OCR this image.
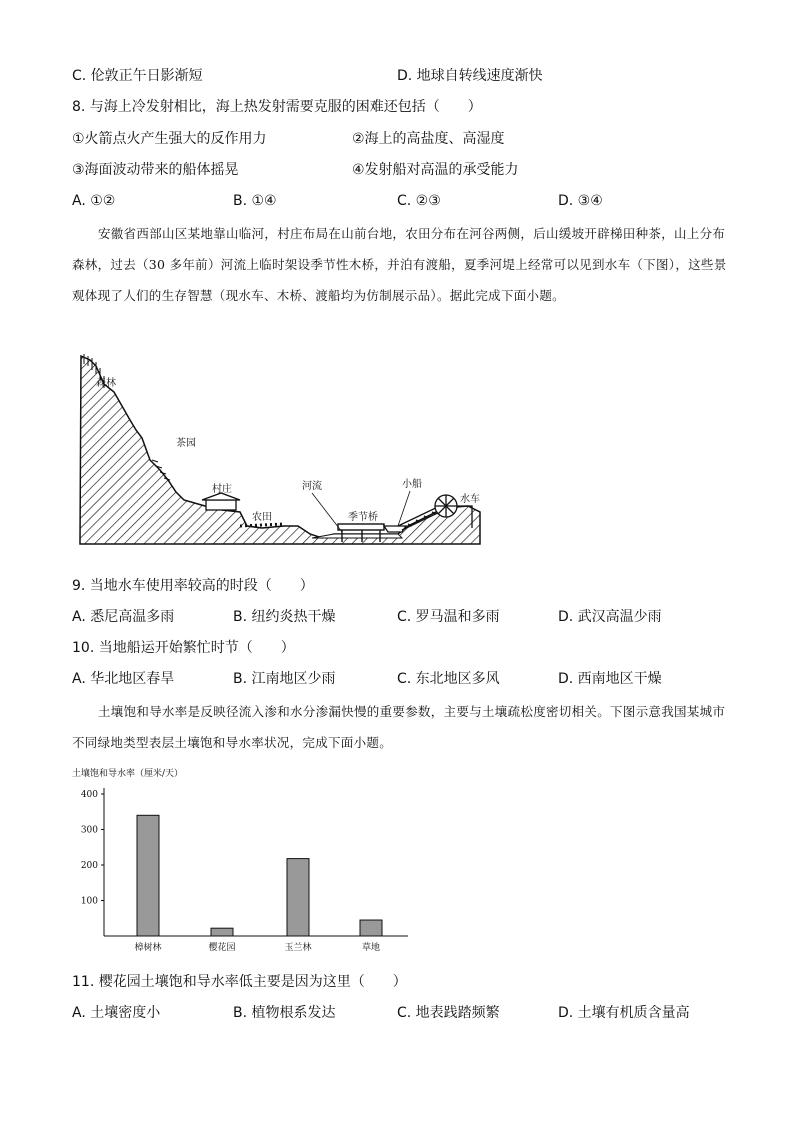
C. 伦敦正午日影渐短	D. 地球自转线速度渐快
8. 与海上冷发射相比，海上热发射需要克服的困难还包括（　　）
①火箭点火产生强大的反作用力	②海上的高盐度、高湿度
③海面波动带来的船体摇晃	④发射船对高温的承受能力
A. ①②	B. ①④	C. ②③	D. ③④
安徽省西部山区某地靠山临河，村庄布局在山前台地，农田分布在河谷两侧，后山缓坡开辟梯田种茶，山上分布森林，过去（30 多年前）河流上临时架设季节性木桥，并泊有渡船，夏季河堤上经常可以见到水车（下图），这些景观体现了人们的生存智慧（现水车、木桥、渡船均为仿制展示品）。据此完成下面小题。
森林
茶园
村庄
农田
河流	小船
季节桥
水车
9. 当地水车使用率较高的时段（　　）
A. 悉尼高温多雨	B. 纽约炎热干燥	C. 罗马温和多雨	D. 武汉高温少雨
10. 当地船运开始繁忙时节（　　）
A. 华北地区春旱	B. 江南地区少雨	C. 东北地区多风	D. 西南地区干燥
土壤饱和导水率是反映径流入渗和水分渗漏快慢的重要参数，主要与土壤疏松度密切相关。下图示意我国某城市不同绿地类型表层土壤饱和导水率状况，完成下面小题。
土壤饱和导水率（厘米/天）
100
200
300
400
樟树林	樱花园	玉兰林	草地
11. 樱花园土壤饱和导水率低主要是因为这里（　　）
A. 土壤密度小	B. 植物根系发达	C. 地表践踏频繁	D. 土壤有机质含量高
